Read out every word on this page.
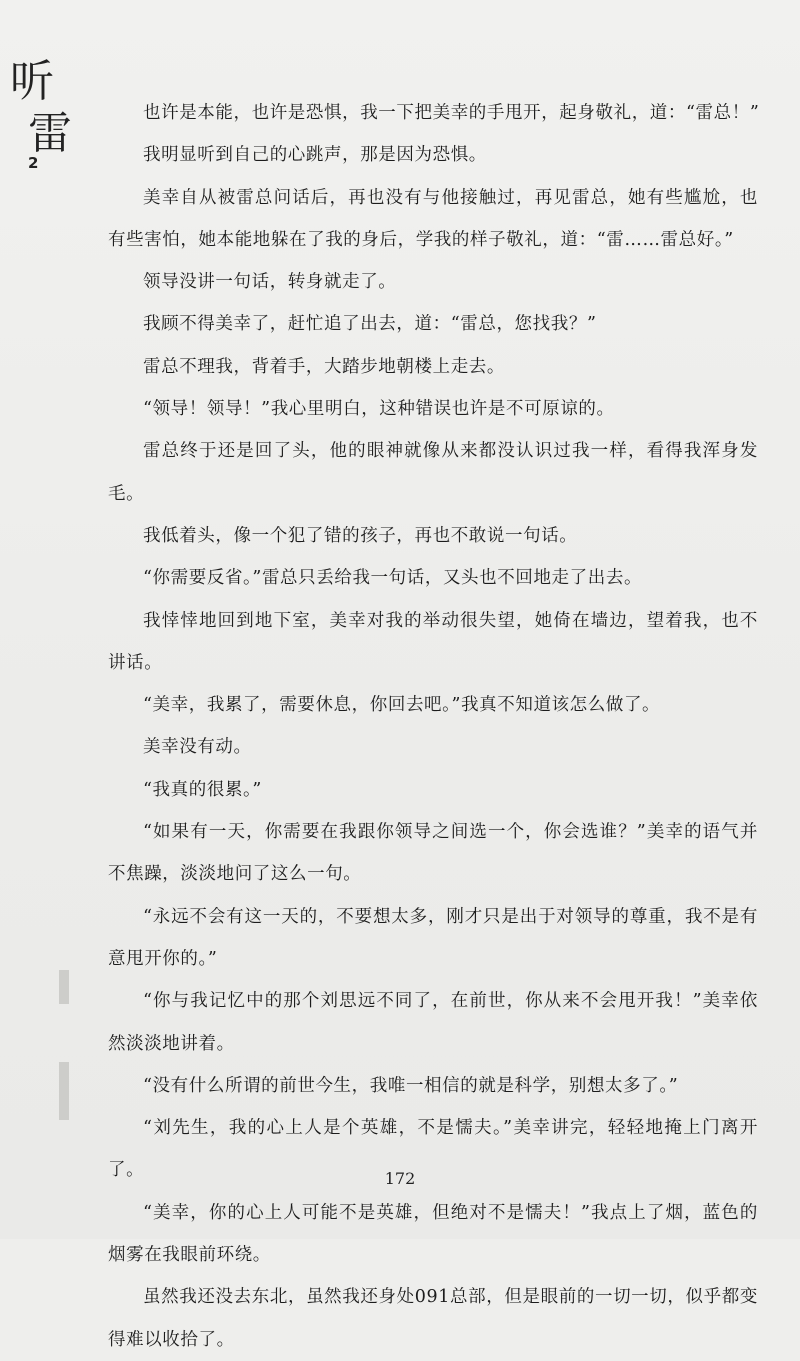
听
雷
2

也许是本能，也许是恐惧，我一下把美幸的手甩开，起身敬礼，道：“雷总！”

我明显听到自己的心跳声，那是因为恐惧。

美幸自从被雷总问话后，再也没有与他接触过，再见雷总，她有些尴尬，也有些害怕，她本能地躲在了我的身后，学我的样子敬礼，道：“雷……雷总好。”

领导没讲一句话，转身就走了。

我顾不得美幸了，赶忙追了出去，道：“雷总，您找我？”

雷总不理我，背着手，大踏步地朝楼上走去。

“领导！领导！”我心里明白，这种错误也许是不可原谅的。

雷总终于还是回了头，他的眼神就像从来都没认识过我一样，看得我浑身发毛。

我低着头，像一个犯了错的孩子，再也不敢说一句话。

“你需要反省。”雷总只丢给我一句话，又头也不回地走了出去。

我悻悻地回到地下室，美幸对我的举动很失望，她倚在墙边，望着我，也不讲话。

“美幸，我累了，需要休息，你回去吧。”我真不知道该怎么做了。

美幸没有动。

“我真的很累。”

“如果有一天，你需要在我跟你领导之间选一个，你会选谁？”美幸的语气并不焦躁，淡淡地问了这么一句。

“永远不会有这一天的，不要想太多，刚才只是出于对领导的尊重，我不是有意甩开你的。”

“你与我记忆中的那个刘思远不同了，在前世，你从来不会甩开我！”美幸依然淡淡地讲着。

“没有什么所谓的前世今生，我唯一相信的就是科学，别想太多了。”

“刘先生，我的心上人是个英雄，不是懦夫。”美幸讲完，轻轻地掩上门离开了。

“美幸，你的心上人可能不是英雄，但绝对不是懦夫！”我点上了烟，蓝色的烟雾在我眼前环绕。

虽然我还没去东北，虽然我还身处091总部，但是眼前的一切一切，似乎都变得难以收拾了。

172
